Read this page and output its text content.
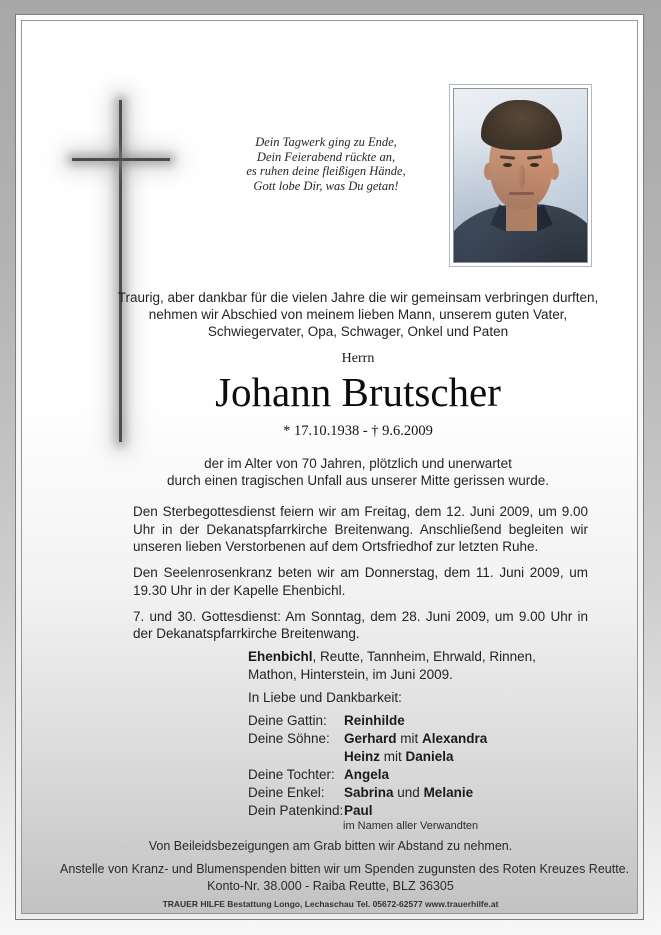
Dein Tagwerk ging zu Ende,
Dein Feierabend rückte an,
es ruhen deine fleißigen Hände,
Gott lobe Dir, was Du getan!
Traurig, aber dankbar für die vielen Jahre die wir gemeinsam verbringen durften,
nehmen wir Abschied von meinem lieben Mann, unserem guten Vater,
Schwiegervater, Opa, Schwager, Onkel und Paten
Herrn
Johann Brutscher
* 17.10.1938 - † 9.6.2009
der im Alter von 70 Jahren, plötzlich und unerwartet
durch einen tragischen Unfall aus unserer Mitte gerissen wurde.

Den Sterbegottesdienst feiern wir am Freitag, dem 12. Juni 2009, um 9.00 Uhr in der Dekanatspfarrkirche Breitenwang. Anschließend begleiten wir unseren lieben Verstorbenen auf dem Ortsfriedhof zur letzten Ruhe.

Den Seelenrosenkranz beten wir am Donnerstag, dem 11. Juni 2009, um 19.30 Uhr in der Kapelle Ehenbichl.

7. und 30. Gottesdienst: Am Sonntag, dem 28. Juni 2009, um 9.00 Uhr in der Dekanatspfarrkirche Breitenwang.

Ehenbichl, Reutte, Tannheim, Ehrwald, Rinnen,
Mathon, Hinterstein, im Juni 2009.
In Liebe und Dankbarkeit:
Deine Gattin:	Reinhilde
Deine Söhne:	Gerhard mit Alexandra
Heinz mit Daniela
Deine Tochter: Angela
Deine Enkel:	Sabrina und Melanie
Dein Patenkind: Paul
im Namen aller Verwandten
Von Beileidsbezeigungen am Grab bitten wir Abstand zu nehmen.
Anstelle von Kranz- und Blumenspenden bitten wir um Spenden zugunsten des Roten Kreuzes Reutte.
Konto-Nr. 38.000 - Raiba Reutte, BLZ 36305
TRAUER HILFE Bestattung Longo, Lechaschau Tel. 05672-62577 www.trauerhilfe.at
